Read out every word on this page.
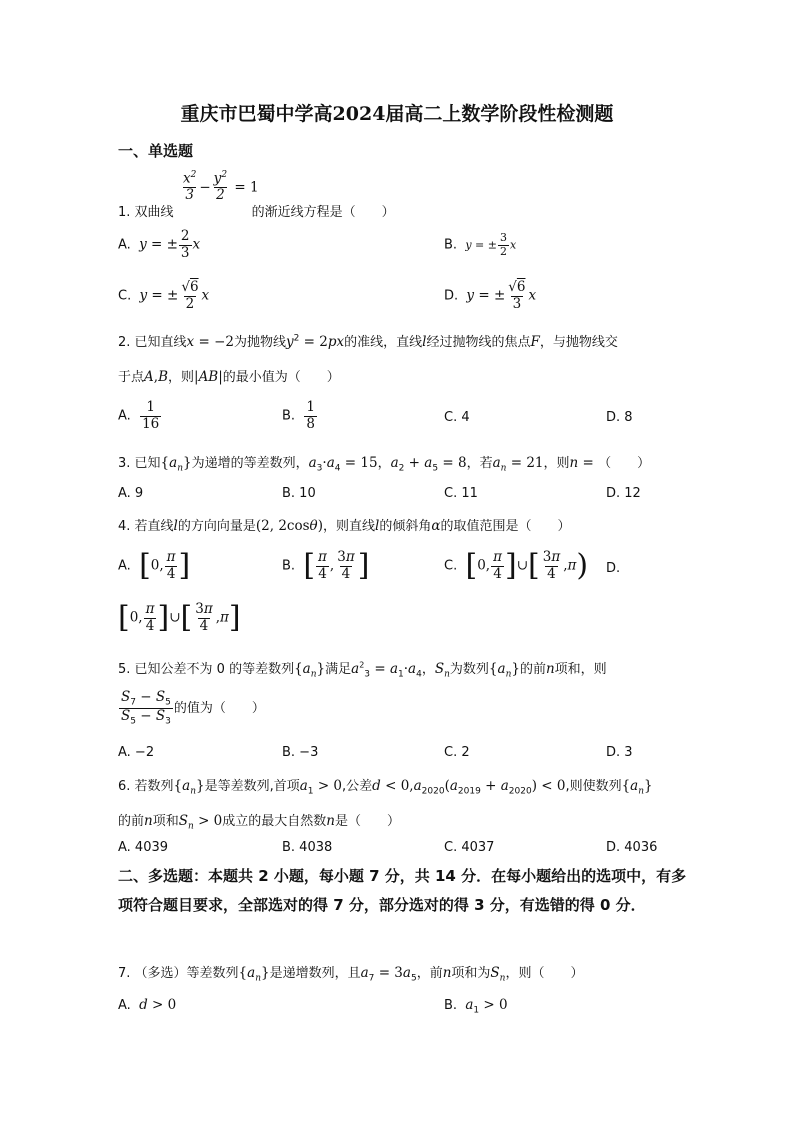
重庆市巴蜀中学高2024届高二上数学阶段性检测题
一、单选题
$\frac{x^2}{3} - \frac{y^2}{2} = 1$
1. 双曲线	的渐近线方程是（　　）
A. y = ± $\frac{2}{3}$ x	B. y = ± $\frac{3}{2}$ x
C. y = ± $\frac{√6}{2}$ x	D. y = ± $\frac{√6}{3}$ x
2. 已知直线x = −2为抛物线$y^2 = 2px$的准线，直线l经过抛物线的焦点F，与抛物线交
于点A,B，则|AB|的最小值为（　　）
A. $\frac{1}{16}$	B. $\frac{1}{8}$	C. 4	D. 8
3. 已知$\{a_n\}$为递增的等差数列，$a_3\cdot a_4 = 15$，$a_2 + a_5 = 8$，若$a_n = 21$，则n = （　　）
A. 9	B. 10	C. 11	D. 12
4. 若直线l的方向向量是(2, 2cosθ)，则直线l的倾斜角α的取值范围是（　　）
A. [0, $\frac{\pi}{4}$ ]	B. [ $\frac{\pi}{4}$ , $\frac{3\pi}{4}$ ]	C. [0, $\frac{\pi}{4}$ ]∪[ $\frac{3\pi}{4} ,\pi$) D.
[0, $\frac{\pi}{4}$ ]∪[ $\frac{3\pi}{4} ,\pi$]
5. 已知公差不为 0 的等差数列$\{a_n\}$满足$a^2_3 = a_1\cdot a_4$，$S_n$为数列$\{a_n\}$的前n项和，则
$\frac{S_7 - S_5}{S_5 - S_3}$ 的值为（　　）
A. −2	B. −3	C. 2	D. 3
6. 若数列$\{a_n\}$是等差数列,首项$a_1 > 0$,公差$d < 0,a_{2020}(a_{2019} + a_{2020}) < 0$,则使数列$\{a_n\}$
的前n项和$S_n > 0$成立的最大自然数n是（　　）
A. 4039	B. 4038	C. 4037	D. 4036
二、多选题：本题共 2 小题，每小题 7 分，共 14 分．在每小题给出的选项中，有多项符合题目要求，全部选对的得 7 分，部分选对的得 3 分，有选错的得 0 分．
7. （多选）等差数列$\{a_n\}$是递增数列，且$a_7 = 3a_5$，前n项和为$S_n$，则（　　）
A. d > 0	B. $a_1 > 0$
